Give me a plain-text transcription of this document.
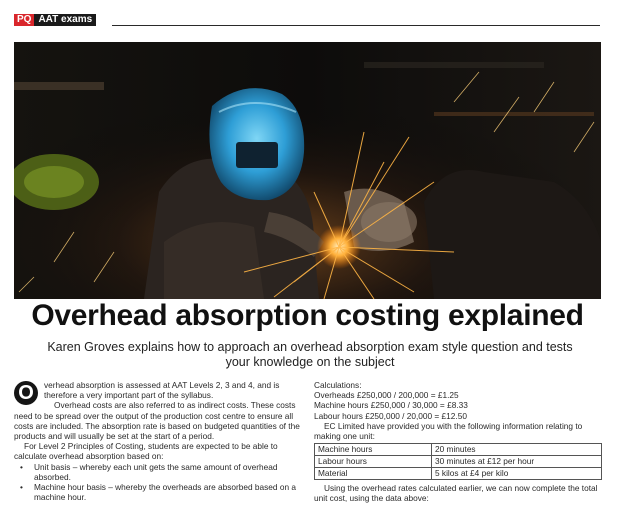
PQ AAT exams
Overhead absorption costing explained
Karen Groves explains how to approach an overhead absorption exam style question and tests your knowledge on the subject
O	verhead absorption is assessed at AAT Levels 2, 3 and 4, and is therefore a very important part of the syllabus.

Overhead costs are also referred to as indirect costs. These costs need to be spread over the output of the production cost centre to ensure all costs are included. The absorption rate is based on budgeted quantities of the products and will usually be set at the start of a period.

For Level 2 Principles of Costing, students are expected to be able to calculate overhead absorption based on:

• Unit basis – whereby each unit gets the same amount of overhead absorbed.
• Machine hour basis – whereby the overheads are absorbed based on a machine hour.

Calculations:

Overheads £250,000 / 200,000 = £1.25

Machine hours £250,000 / 30,000 = £8.33

Labour hours £250,000 / 20,000 = £12.50

EC Limited have provided you with the following information relating to making one unit:

Machine hours	20 minutes
Labour hours	30 minutes at £12 per hour
Material	5 kilos at £4 per kilo

Using the overhead rates calculated earlier, we can now complete the total unit cost, using the data above:
